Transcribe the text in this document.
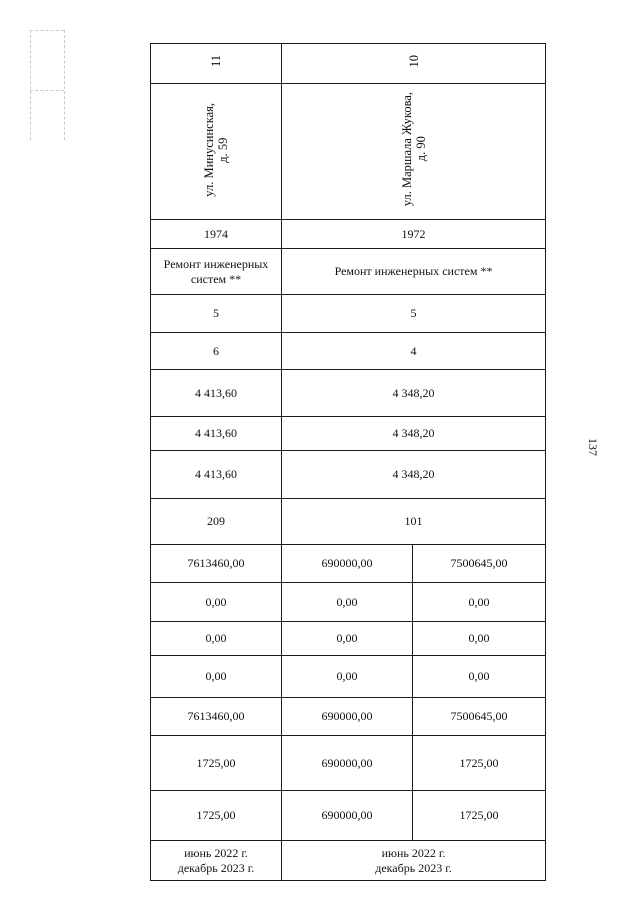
11	10	
ул. Минусинская,
д. 59	ул. Маршала Жукова,
д. 90	
1974	1972	
Ремонт инженерных
систем **	Ремонт инженерных систем **	
5	5	
6	4	
4 413,60	4 348,20	
4 413,60	4 348,20	
4 413,60	4 348,20	
209	101	
7613460,00	690000,00	7500645,00
0,00	0,00	0,00
0,00	0,00	0,00
0,00	0,00	0,00
7613460,00	690000,00	7500645,00
1725,00	690000,00	1725,00
1725,00	690000,00	1725,00
июнь 2022 г.
декабрь 2023 г.	июнь 2022 г.
декабрь 2023 г.	
137
